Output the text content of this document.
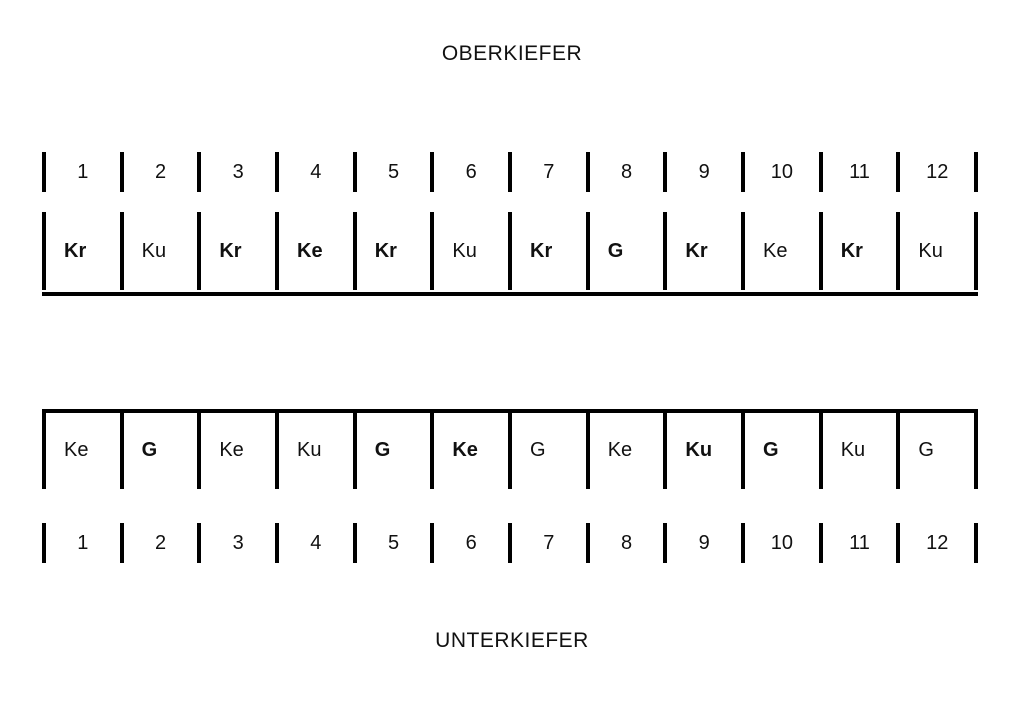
OBERKIEFER
1	2	3	4	5	6	7	8	9	10	11	12
Kr	Ku	Kr	Ke	Kr	Ku	Kr	G	Kr	Ke	Kr	Ku
Ke	G	Ke	Ku	G	Ke	G	Ke	Ku	G	Ku	G
1	2	3	4	5	6	7	8	9	10	11	12
UNTERKIEFER
